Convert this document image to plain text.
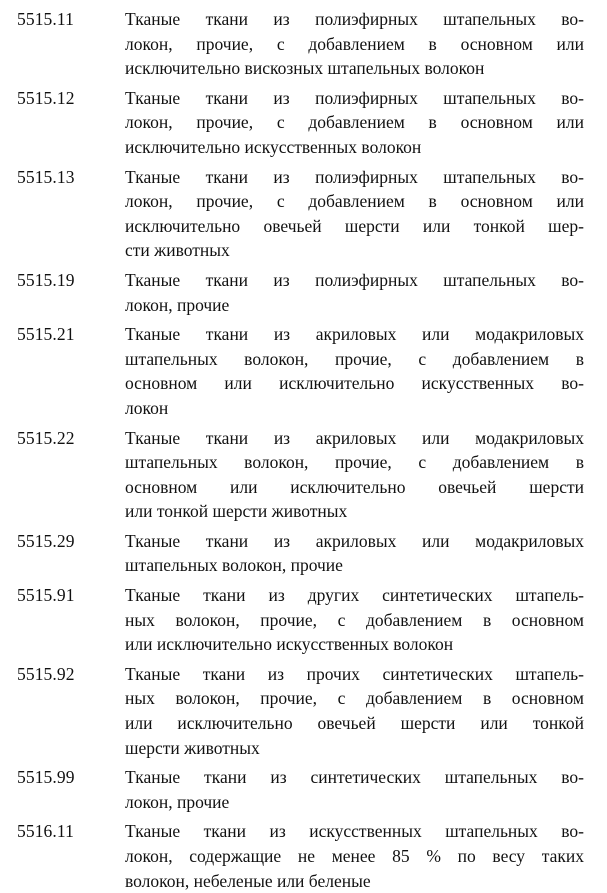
5515.11	Тканые ткани из полиэфирных штапельных во-
локон, прочие, с добавлением в основном или
исключительно вискозных штапельных волокон
5515.12	Тканые ткани из полиэфирных штапельных во-
локон, прочие, с добавлением в основном или
исключительно искусственных волокон
5515.13	Тканые ткани из полиэфирных штапельных во-
локон, прочие, с добавлением в основном или
исключительно овечьей шерсти или тонкой шер-
сти животных
5515.19	Тканые ткани из полиэфирных штапельных во-
локон, прочие
5515.21	Тканые ткани из акриловых или модакриловых
штапельных волокон, прочие, с добавлением в
основном или исключительно искусственных во-
локон
5515.22	Тканые ткани из акриловых или модакриловых
штапельных волокон, прочие, с добавлением в
основном или исключительно овечьей шерсти
или тонкой шерсти животных
5515.29	Тканые ткани из акриловых или модакриловых
штапельных волокон, прочие
5515.91	Тканые ткани из других синтетических штапель-
ных волокон, прочие, с добавлением в основном
или исключительно искусственных волокон
5515.92	Тканые ткани из прочих синтетических штапель-
ных волокон, прочие, с добавлением в основном
или исключительно овечьей шерсти или тонкой
шерсти животных
5515.99	Тканые ткани из синтетических штапельных во-
локон, прочие
5516.11	Тканые ткани из искусственных штапельных во-
локон, содержащие не менее 85 % по весу таких
волокон, небеленые или беленые
